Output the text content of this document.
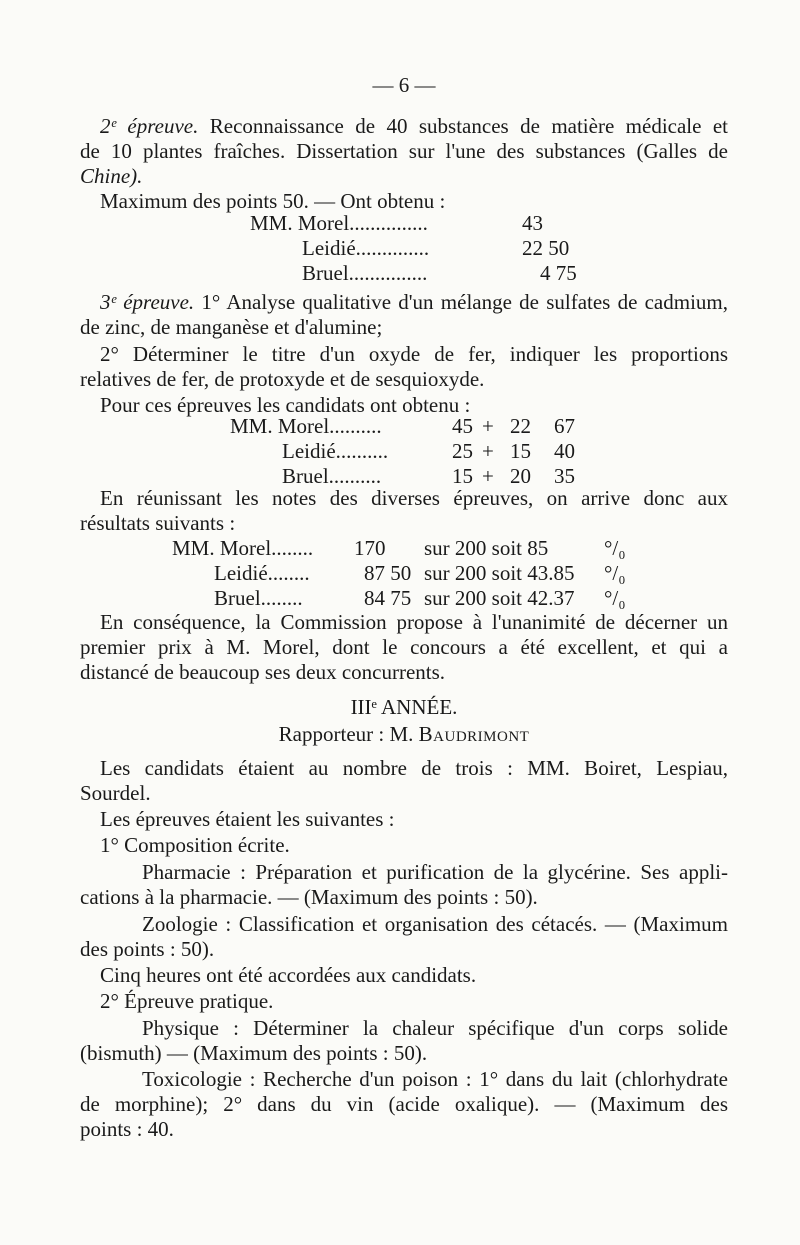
— 6 —
2ᵉ épreuve. Reconnaissance de 40 substances de matière médicale et
de 10 plantes fraîches. Dissertation sur l'une des substances (Galles de
Chine).
Maximum des points 50. — Ont obtenu :
MM. Morel...............	43
Leidié..............	22 50
Bruel...............	4 75
3ᵉ épreuve. 1° Analyse qualitative d'un mélange de sulfates de cadmium,
de zinc, de manganèse et d'alumine;
2° Déterminer le titre d'un oxyde de fer, indiquer les proportions
relatives de fer, de protoxyde et de sesquioxyde.
Pour ces épreuves les candidats ont obtenu :
MM. Morel..........	45 + 22 67
Leidié..........	25 + 15 40
Bruel..........	15 + 20 35
En réunissant les notes des diverses épreuves, on arrive donc aux
résultats suivants :
MM. Morel........ 170 sur 200 soit 85	°/₀
Leidié........	87 50 sur 200 soit 43.85 °/₀
Bruel........	84 75 sur 200 soit 42.37 °/₀
En conséquence, la Commission propose à l'unanimité de décerner un
premier prix à M. Morel, dont le concours a été excellent, et qui a
distancé de beaucoup ses deux concurrents.
IIIᵉ ANNÉE.
Rapporteur : M. Baudrimont
Les candidats étaient au nombre de trois : MM. Boiret, Lespiau,
Sourdel.
Les épreuves étaient les suivantes :
1° Composition écrite.
Pharmacie : Préparation et purification de la glycérine. Ses appli-
cations à la pharmacie. — (Maximum des points : 50).
Zoologie : Classification et organisation des cétacés. — (Maximum
des points : 50).
Cinq heures ont été accordées aux candidats.
2° Épreuve pratique.
Physique : Déterminer la chaleur spécifique d'un corps solide
(bismuth) — (Maximum des points : 50).
Toxicologie : Recherche d'un poison : 1° dans du lait (chlorhydrate
de morphine); 2° dans du vin (acide oxalique). — (Maximum des
points : 40.
